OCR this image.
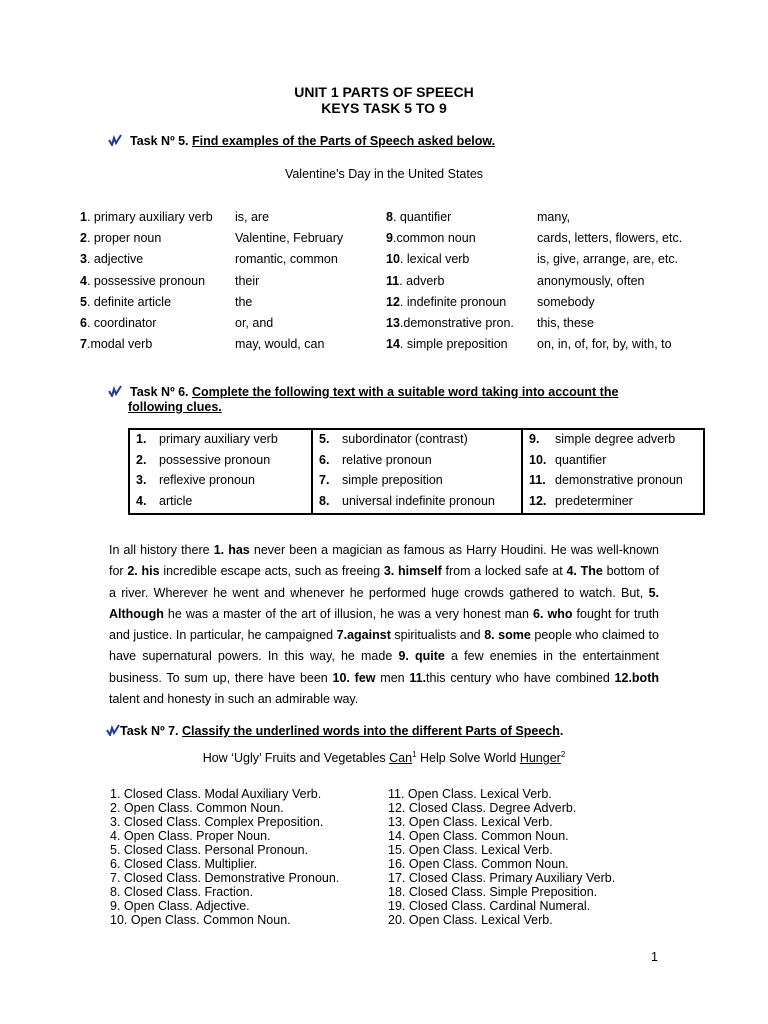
UNIT 1 PARTS OF SPEECH
KEYS TASK 5 TO 9
Task Nº 5. Find examples of the Parts of Speech asked below.
Valentine's Day in the United States
1. primary auxiliary verb
2. proper noun
3. adjective
4. possessive pronoun
5. definite article
6. coordinator
7.modal verb
is, are
Valentine, February
romantic, common
their
the
or, and
may, would, can
8. quantifier
9.common noun
10. lexical verb
11. adverb
12. indefinite pronoun
13.demonstrative pron.
14. simple preposition
many,
cards, letters, flowers, etc.
is, give, arrange, are, etc.
anonymously, often
somebody
this, these
on, in, of, for, by, with, to
Task Nº 6. Complete the following text with a suitable word taking into account the
following clues.
1. primary auxiliary verb
2. possessive pronoun
3. reflexive pronoun
4. article
5. subordinator (contrast)
6. relative pronoun
7. simple preposition
8. universal indefinite pronoun
9. simple degree adverb
10. quantifier
11. demonstrative pronoun
12. predeterminer
In all history there 1. has never been a magician as famous as Harry Houdini. He was well-known for 2. his incredible escape acts, such as freeing 3. himself from a locked safe at 4. The bottom of a river. Wherever he went and whenever he performed huge crowds gathered to watch. But, 5. Although he was a master of the art of illusion, he was a very honest man 6. who fought for truth and justice. In particular, he campaigned 7.against spiritualists and 8. some people who claimed to have supernatural powers. In this way, he made 9. quite a few enemies in the entertainment business. To sum up, there have been 10. few men 11.this century who have combined 12.both talent and honesty in such an admirable way.
Task Nº 7. Classify the underlined words into the different Parts of Speech.
How ‘Ugly’ Fruits and Vegetables Can$^1$ Help Solve World Hunger$^2$
1. Closed Class. Modal Auxiliary Verb.
2. Open Class. Common Noun.
3. Closed Class. Complex Preposition.
4. Open Class. Proper Noun.
5. Closed Class. Personal Pronoun.
6. Closed Class. Multiplier.
7. Closed Class. Demonstrative Pronoun.
8. Closed Class. Fraction.
9. Open Class. Adjective.
10. Open Class. Common Noun.
11. Open Class. Lexical Verb.
12. Closed Class. Degree Adverb.
13. Open Class. Lexical Verb.
14. Open Class. Common Noun.
15. Open Class. Lexical Verb.
16. Open Class. Common Noun.
17. Closed Class. Primary Auxiliary Verb.
18. Closed Class. Simple Preposition.
19. Closed Class. Cardinal Numeral.
20. Open Class. Lexical Verb.
1
